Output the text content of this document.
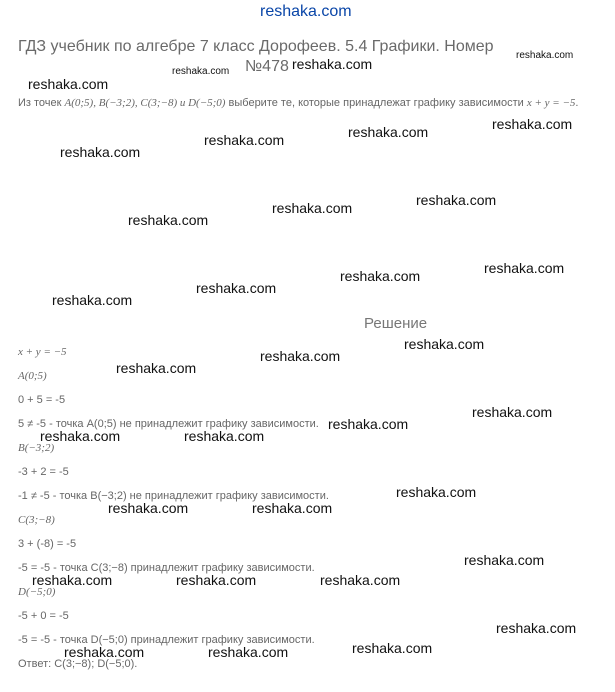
reshaka.com
ГДЗ учебник по алгебре 7 класс Дорофеев. 5.4 Графики. Номер
№478
Из точек A(0;5), B(−3;2), C(3;−8) и D(−5;0) выберите те, которые принадлежат графику зависимости x + y = −5.
Решение
x + y = −5
A(0;5)
0 + 5 = -5
5 ≠ -5 - точка A(0;5) не принадлежит графику зависимости.
B(−3;2)
-3 + 2 = -5
-1 ≠ -5 - точка B(−3;2) не принадлежит графику зависимости.
C(3;−8)
3 + (-8) = -5
-5 = -5 - точка C(3;−8) принадлежит графику зависимости.
D(−5;0)
-5 + 0 = -5
-5 = -5 - точка D(−5;0) принадлежит графику зависимости.
Ответ: C(3;−8); D(−5;0).
reshaka.com
reshaka.com	reshaka.com
reshaka.com
reshaka.com
reshaka.com
reshaka.com
reshaka.com
reshaka.com
reshaka.com
reshaka.com
reshaka.com
reshaka.com
reshaka.com
reshaka.com
reshaka.com
reshaka.com
reshaka.com
reshaka.com
reshaka.com
reshaka.com
reshaka.com
reshaka.com
reshaka.com
reshaka.com
reshaka.com
reshaka.com
reshaka.com
reshaka.com
reshaka.com
reshaka.com
reshaka.com
reshaka.com
